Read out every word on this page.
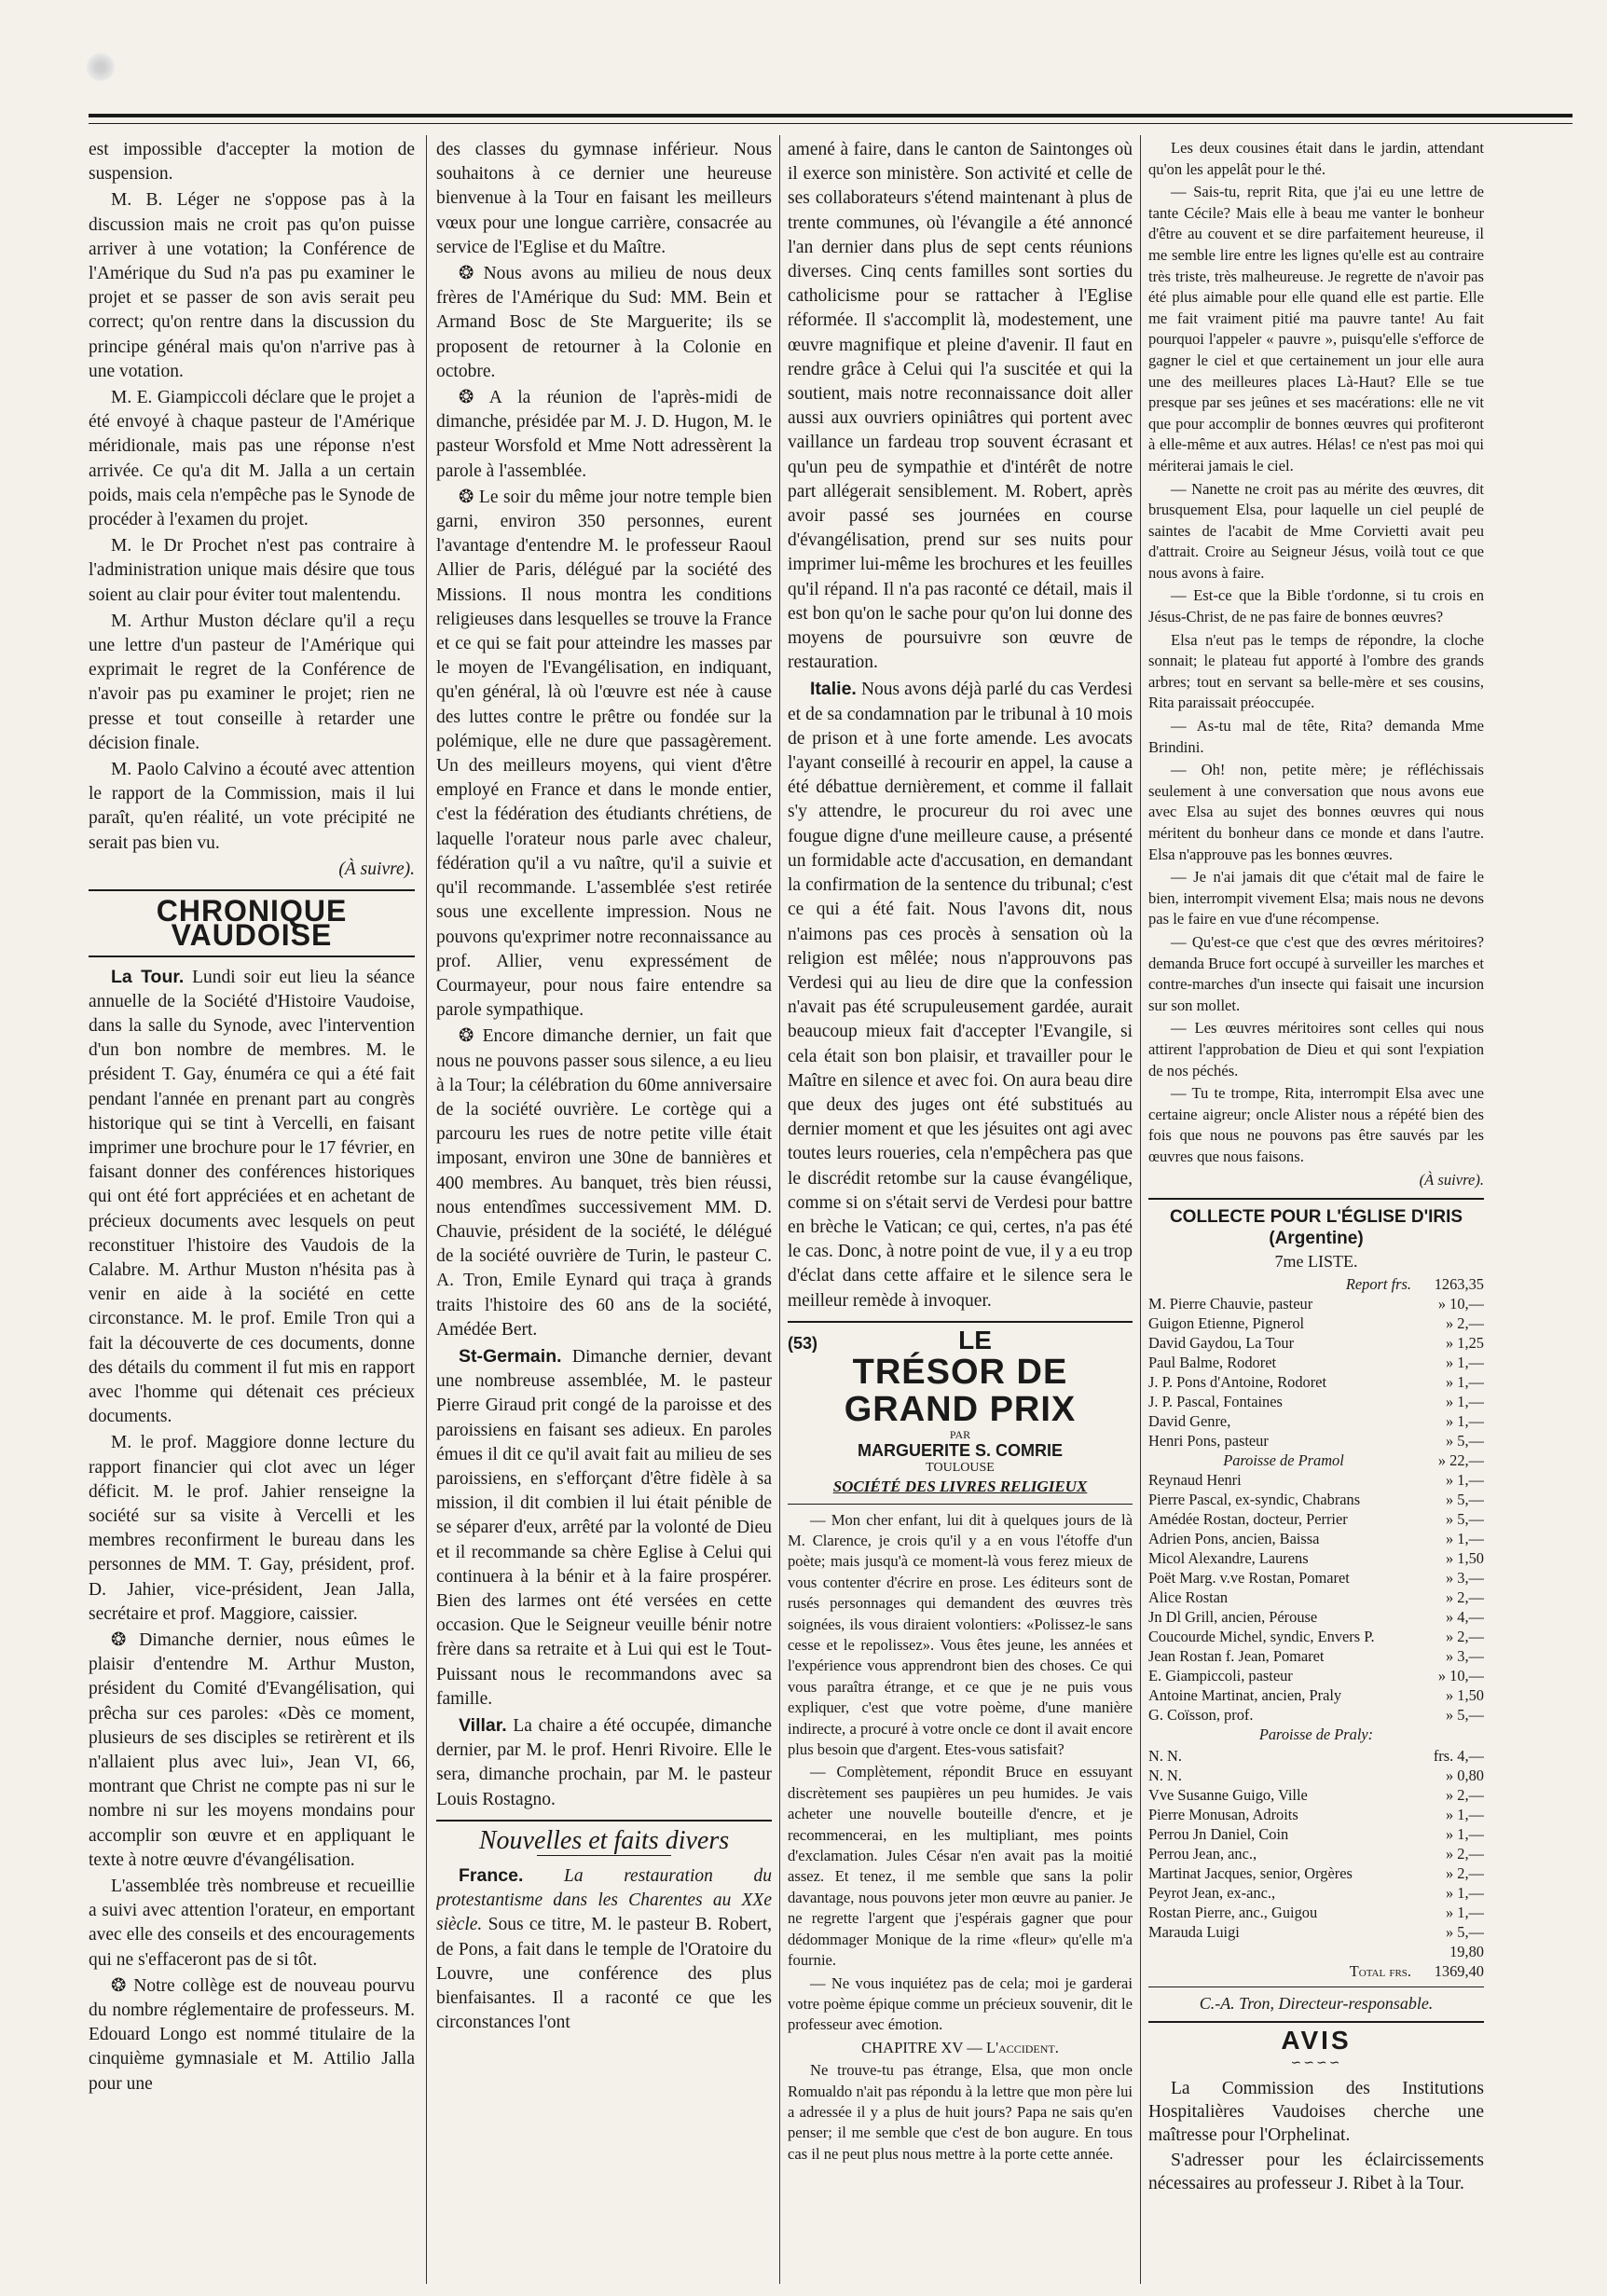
est impossible d'accepter la motion de suspension.

M. B. Léger ne s'oppose pas à la discussion mais ne croit pas qu'on puisse arriver à une votation; la Conférence de l'Amérique du Sud n'a pas pu examiner le projet et se passer de son avis serait peu correct; qu'on rentre dans la discussion du principe général mais qu'on n'arrive pas à une votation.

M. E. Giampiccoli déclare que le projet a été envoyé à chaque pasteur de l'Amérique méridionale, mais pas une réponse n'est arrivée. Ce qu'a dit M. Jalla a un certain poids, mais cela n'empêche pas le Synode de procéder à l'examen du projet.

M. le Dr Prochet n'est pas contraire à l'administration unique mais désire que tous soient au clair pour éviter tout malentendu.

M. Arthur Muston déclare qu'il a reçu une lettre d'un pasteur de l'Amérique qui exprimait le regret de la Conférence de n'avoir pas pu examiner le projet; rien ne presse et tout conseille à retarder une décision finale.

M. Paolo Calvino a écouté avec attention le rapport de la Commission, mais il lui paraît, qu'en réalité, un vote précipité ne serait pas bien vu.

(À suivre).

CHRONIQUE VAUDOISE

La Tour. Lundi soir eut lieu la séance annuelle de la Société d'Histoire Vaudoise, dans la salle du Synode, avec l'intervention d'un bon nombre de membres. M. le président T. Gay, énuméra ce qui a été fait pendant l'année en prenant part au congrès historique qui se tint à Vercelli, en faisant imprimer une brochure pour le 17 février, en faisant donner des conférences historiques qui ont été fort appréciées et en achetant de précieux documents avec lesquels on peut reconstituer l'histoire des Vaudois de la Calabre. M. Arthur Muston n'hésita pas à venir en aide à la société en cette circonstance. M. le prof. Emile Tron qui a fait la découverte de ces documents, donne des détails du comment il fut mis en rapport avec l'homme qui détenait ces précieux documents.

M. le prof. Maggiore donne lecture du rapport financier qui clot avec un léger déficit. M. le prof. Jahier renseigne la société sur sa visite à Vercelli et les membres reconfirment le bureau dans les personnes de MM. T. Gay, président, prof. D. Jahier, vice-président, Jean Jalla, secrétaire et prof. Maggiore, caissier.

❂ Dimanche dernier, nous eûmes le plaisir d'entendre M. Arthur Muston, président du Comité d'Evangélisation, qui prêcha sur ces paroles: «Dès ce moment, plusieurs de ses disciples se retirèrent et ils n'allaient plus avec lui», Jean VI, 66, montrant que Christ ne compte pas ni sur le nombre ni sur les moyens mondains pour accomplir son œuvre et en appliquant le texte à notre œuvre d'évangélisation.

L'assemblée très nombreuse et recueillie a suivi avec attention l'orateur, en emportant avec elle des conseils et des encouragements qui ne s'effaceront pas de si tôt.

❂ Notre collège est de nouveau pourvu du nombre réglementaire de professeurs. M. Edouard Longo est nommé titulaire de la cinquième gymnasiale et M. Attilio Jalla pour une

des classes du gymnase inférieur. Nous souhaitons à ce dernier une heureuse bienvenue à la Tour en faisant les meilleurs vœux pour une longue carrière, consacrée au service de l'Eglise et du Maître.

❂ Nous avons au milieu de nous deux frères de l'Amérique du Sud: MM. Bein et Armand Bosc de Ste Marguerite; ils se proposent de retourner à la Colonie en octobre.

❂ A la réunion de l'après-midi de dimanche, présidée par M. J. D. Hugon, M. le pasteur Worsfold et Mme Nott adressèrent la parole à l'assemblée.

❂ Le soir du même jour notre temple bien garni, environ 350 personnes, eurent l'avantage d'entendre M. le professeur Raoul Allier de Paris, délégué par la société des Missions. Il nous montra les conditions religieuses dans lesquelles se trouve la France et ce qui se fait pour atteindre les masses par le moyen de l'Evangélisation, en indiquant, qu'en général, là où l'œuvre est née à cause des luttes contre le prêtre ou fondée sur la polémique, elle ne dure que passagèrement. Un des meilleurs moyens, qui vient d'être employé en France et dans le monde entier, c'est la fédération des étudiants chrétiens, de laquelle l'orateur nous parle avec chaleur, fédération qu'il a vu naître, qu'il a suivie et qu'il recommande. L'assemblée s'est retirée sous une excellente impression. Nous ne pouvons qu'exprimer notre reconnaissance au prof. Allier, venu expressément de Courmayeur, pour nous faire entendre sa parole sympathique.

❂ Encore dimanche dernier, un fait que nous ne pouvons passer sous silence, a eu lieu à la Tour; la célébration du 60me anniversaire de la société ouvrière. Le cortège qui a parcouru les rues de notre petite ville était imposant, environ une 30ne de bannières et 400 membres. Au banquet, très bien réussi, nous entendîmes successivement MM. D. Chauvie, président de la société, le délégué de la société ouvrière de Turin, le pasteur C. A. Tron, Emile Eynard qui traça à grands traits l'histoire des 60 ans de la société, Amédée Bert.

St-Germain. Dimanche dernier, devant une nombreuse assemblée, M. le pasteur Pierre Giraud prit congé de la paroisse et des paroissiens en faisant ses adieux. En paroles émues il dit ce qu'il avait fait au milieu de ses paroissiens, en s'efforçant d'être fidèle à sa mission, il dit combien il lui était pénible de se séparer d'eux, arrêté par la volonté de Dieu et il recommande sa chère Eglise à Celui qui continuera à la bénir et à la faire prospérer. Bien des larmes ont été versées en cette occasion. Que le Seigneur veuille bénir notre frère dans sa retraite et à Lui qui est le Tout-Puissant nous le recommandons avec sa famille.

Villar. La chaire a été occupée, dimanche dernier, par M. le prof. Henri Rivoire. Elle le sera, dimanche prochain, par M. le pasteur Louis Rostagno.

Nouvelles et faits divers

France. La restauration du protestantisme dans les Charentes au XXe siècle. Sous ce titre, M. le pasteur B. Robert, de Pons, a fait dans le temple de l'Oratoire du Louvre, une conférence des plus bienfaisantes. Il a raconté ce que les circonstances l'ont

amené à faire, dans le canton de Saintonges où il exerce son ministère. Son activité et celle de ses collaborateurs s'étend maintenant à plus de trente communes, où l'évangile a été annoncé l'an dernier dans plus de sept cents réunions diverses. Cinq cents familles sont sorties du catholicisme pour se rattacher à l'Eglise réformée. Il s'accomplit là, modestement, une œuvre magnifique et pleine d'avenir. Il faut en rendre grâce à Celui qui l'a suscitée et qui la soutient, mais notre reconnaissance doit aller aussi aux ouvriers opiniâtres qui portent avec vaillance un fardeau trop souvent écrasant et qu'un peu de sympathie et d'intérêt de notre part allégerait sensiblement. M. Robert, après avoir passé ses journées en course d'évangélisation, prend sur ses nuits pour imprimer lui-même les brochures et les feuilles qu'il répand. Il n'a pas raconté ce détail, mais il est bon qu'on le sache pour qu'on lui donne des moyens de poursuivre son œuvre de restauration.

Italie. Nous avons déjà parlé du cas Verdesi et de sa condamnation par le tribunal à 10 mois de prison et à une forte amende. Les avocats l'ayant conseillé à recourir en appel, la cause a été débattue dernièrement, et comme il fallait s'y attendre, le procureur du roi avec une fougue digne d'une meilleure cause, a présenté un formidable acte d'accusation, en demandant la confirmation de la sentence du tribunal; c'est ce qui a été fait. Nous l'avons dit, nous n'aimons pas ces procès à sensation où la religion est mêlée; nous n'approuvons pas Verdesi qui au lieu de dire que la confession n'avait pas été scrupuleusement gardée, aurait beaucoup mieux fait d'accepter l'Evangile, si cela était son bon plaisir, et travailler pour le Maître en silence et avec foi. On aura beau dire que deux des juges ont été substitués au dernier moment et que les jésuites ont agi avec toutes leurs roueries, cela n'empêchera pas que le discrédit retombe sur la cause évangélique, comme si on s'était servi de Verdesi pour battre en brèche le Vatican; ce qui, certes, n'a pas été le cas. Donc, à notre point de vue, il y a eu trop d'éclat dans cette affaire et le silence sera le meilleur remède à invoquer.

(53)	LE
TRÉSOR DE GRAND PRIX
PAR
MARGUERITE S. COMRIE
TOULOUSE
SOCIÉTÉ DES LIVRES RELIGIEUX

— Mon cher enfant, lui dit à quelques jours de là M. Clarence, je crois qu'il y a en vous l'étoffe d'un poète; mais jusqu'à ce moment-là vous ferez mieux de vous contenter d'écrire en prose. Les éditeurs sont de rusés personnages qui demandent des œuvres très soignées, ils vous diraient volontiers: «Polissez-le sans cesse et le repolissez». Vous êtes jeune, les années et l'expérience vous apprendront bien des choses. Ce qui vous paraîtra étrange, et ce que je ne puis vous expliquer, c'est que votre poème, d'une manière indirecte, a procuré à votre oncle ce dont il avait encore plus besoin que d'argent. Etes-vous satisfait?

— Complètement, répondit Bruce en essuyant discrètement ses paupières un peu humides. Je vais acheter une nouvelle bouteille d'encre, et je recommencerai, en les multipliant, mes points d'exclamation. Jules César n'en avait pas la moitié assez. Et tenez, il me semble que sans la polir davantage, nous pouvons jeter mon œuvre au panier. Je ne regrette l'argent que j'espérais gagner que pour dédommager Monique de la rime «fleur» qu'elle m'a fournie.

— Ne vous inquiétez pas de cela; moi je garderai votre poème épique comme un précieux souvenir, dit le professeur avec émotion.

CHAPITRE XV — L'accident.

Ne trouve-tu pas étrange, Elsa, que mon oncle Romualdo n'ait pas répondu à la lettre que mon père lui a adressée il y a plus de huit jours? Papa ne sais qu'en penser; il me semble que c'est de bon augure. En tous cas il ne peut plus nous mettre à la porte cette année.

Les deux cousines était dans le jardin, attendant qu'on les appelât pour le thé.

— Sais-tu, reprit Rita, que j'ai eu une lettre de tante Cécile? Mais elle à beau me vanter le bonheur d'être au couvent et se dire parfaitement heureuse, il me semble lire entre les lignes qu'elle est au contraire très triste, très malheureuse. Je regrette de n'avoir pas été plus aimable pour elle quand elle est partie. Elle me fait vraiment pitié ma pauvre tante! Au fait pourquoi l'appeler « pauvre », puisqu'elle s'efforce de gagner le ciel et que certainement un jour elle aura une des meilleures places Là-Haut? Elle se tue presque par ses jeûnes et ses macérations: elle ne vit que pour accomplir de bonnes œuvres qui profiteront à elle-même et aux autres. Hélas! ce n'est pas moi qui mériterai jamais le ciel.

— Nanette ne croit pas au mérite des œuvres, dit brusquement Elsa, pour laquelle un ciel peuplé de saintes de l'acabit de Mme Corvietti avait peu d'attrait. Croire au Seigneur Jésus, voilà tout ce que nous avons à faire.

— Est-ce que la Bible t'ordonne, si tu crois en Jésus-Christ, de ne pas faire de bonnes œuvres?

Elsa n'eut pas le temps de répondre, la cloche sonnait; le plateau fut apporté à l'ombre des grands arbres; tout en servant sa belle-mère et ses cousins, Rita paraissait préoccupée.

— As-tu mal de tête, Rita? demanda Mme Brindini.

— Oh! non, petite mère; je réfléchissais seulement à une conversation que nous avons eue avec Elsa au sujet des bonnes œuvres qui nous méritent du bonheur dans ce monde et dans l'autre. Elsa n'approuve pas les bonnes œuvres.

— Je n'ai jamais dit que c'était mal de faire le bien, interrompit vivement Elsa; mais nous ne devons pas le faire en vue d'une récompense.

— Qu'est-ce que c'est que des œvres méritoires? demanda Bruce fort occupé à surveiller les marches et contre-marches d'un insecte qui faisait une incursion sur son mollet.

— Les œuvres méritoires sont celles qui nous attirent l'approbation de Dieu et qui sont l'expiation de nos péchés.

— Tu te trompe, Rita, interrompit Elsa avec une certaine aigreur; oncle Alister nous a répété bien des fois que nous ne pouvons pas être sauvés par les œuvres que nous faisons.

(À suivre).

COLLECTE POUR L'ÉGLISE D'IRIS (Argentine)

7me LISTE.

Report frs.	1263,35
M. Pierre Chauvie, pasteur	» 10,—
Guigon Etienne, Pignerol	» 2,—
David Gaydou, La Tour	» 1,25
Paul Balme, Rodoret	» 1,—
J. P. Pons d'Antoine, Rodoret	» 1,—
J. P. Pascal, Fontaines	» 1,—
David Genre,	» 1,—
Henri Pons, pasteur	» 5,—
Paroisse de Pramol	» 22,—
Reynaud Henri	» 1,—
Pierre Pascal, ex-syndic, Chabrans	» 5,—
Amédée Rostan, docteur, Perrier	» 5,—
Adrien Pons, ancien, Baissa	» 1,—
Micol Alexandre, Laurens	» 1,50
Poët Marg. v.ve Rostan, Pomaret	» 3,—
Alice Rostan	» 2,—
Jn Dl Grill, ancien, Pérouse	» 4,—
Coucourde Michel, syndic, Envers P.	» 2,—
Jean Rostan f. Jean, Pomaret	» 3,—
E. Giampiccoli, pasteur	» 10,—
Antoine Martinat, ancien, Praly	» 1,50
G. Coïsson, prof.	» 5,—

Paroisse de Praly:

N. N.	frs. 4,—
N. N.	» 0,80
Vve Susanne Guigo, Ville	» 2,—
Pierre Monusan, Adroits	» 1,—
Perrou Jn Daniel, Coin	» 1,—
Perrou Jean, anc.,	» 2,—
Martinat Jacques, senior, Orgères	» 2,—
Peyrot Jean, ex-anc.,	» 1,—
Rostan Pierre, anc., Guigou	» 1,—
Marauda Luigi	» 5,—
19,80
Total frs.	1369,40

C.-A. Tron, Directeur-responsable.

AVIS

∽∽∽∽

La Commission des Institutions Hospitalières Vaudoises cherche une maîtresse pour l'Orphelinat.

S'adresser pour les éclaircissements nécessaires au professeur J. Ribet à la Tour.
